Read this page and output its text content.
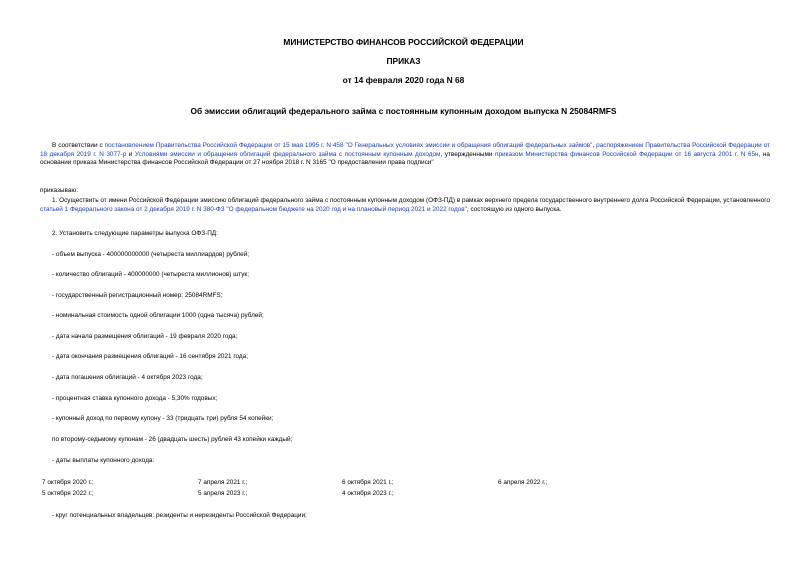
МИНИСТЕРСТВО ФИНАНСОВ РОССИЙСКОЙ ФЕДЕРАЦИИ
ПРИКАЗ
от 14 февраля 2020 года N 68
Об эмиссии облигаций федерального займа с постоянным купонным доходом выпуска N 25084RMFS

В соответствии с постановлением Правительства Российской Федерации от 15 мая 1995 г. N 458 "О Генеральных условиях эмиссии и обращения облигаций федеральных займов", распоряжением Правительства Российской Федерации от 18 декабря 2019 г. N 3077-р и Условиями эмиссии и обращения облигаций федерального займа с постоянным купонным доходом, утвержденными приказом Министерства финансов Российской Федерации от 16 августа 2001 г. N 65н, на основании приказа Министерства финансов Российской Федерации от 27 ноября 2018 г. N 3165 "О предоставлении права подписи"

приказываю:

1. Осуществить от имени Российской Федерации эмиссию облигаций федерального займа с постоянным купонным доходом (ОФЗ-ПД) в рамках верхнего предела государственного внутреннего долга Российской Федерации, установленного статьей 1 Федерального закона от 2 декабря 2019 г. N 380-ФЗ "О федеральном бюджете на 2020 год и на плановый период 2021 и 2022 годов", состоящую из одного выпуска.

2. Установить следующие параметры выпуска ОФЗ-ПД:

- объем выпуска - 400000000000 (четыреста миллиардов) рублей;

- количество облигаций - 400000000 (четыреста миллионов) штук;

- государственный регистрационный номер: 25084RMFS;

- номинальная стоимость одной облигации 1000 (одна тысяча) рублей;

- дата начала размещения облигаций - 19 февраля 2020 года;

- дата окончания размещения облигаций - 16 сентября 2021 года;

- дата погашения облигаций - 4 октября 2023 года;

- процентная ставка купонного дохода - 5,30% годовых;

- купонный доход по первому купону - 33 (тридцать три) рубля 54 копейки;

по второму-седьмому купонам - 26 (двадцать шесть) рублей 43 копейки каждый;

- даты выплаты купонного дохода:

7 октября 2020 г.;	7 апреля 2021 г.;	6 октября 2021 г.;	6 апреля 2022 г.;
5 октября 2022 г.;	5 апреля 2023 г.;	4 октября 2023 г.;

- круг потенциальных владельцев: резиденты и нерезиденты Российской Федерации;
